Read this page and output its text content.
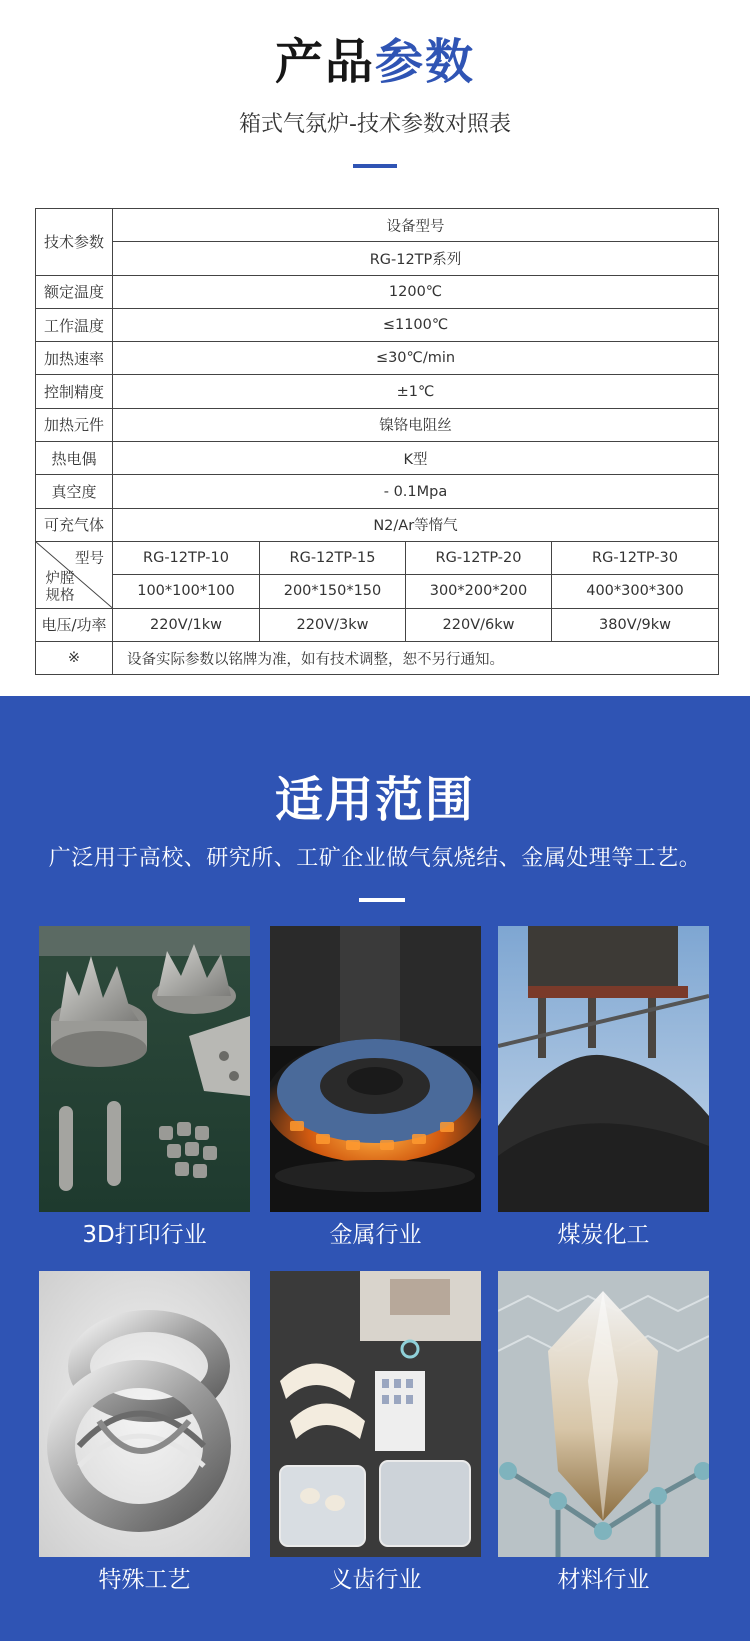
产品参数
箱式气氛炉-技术参数对照表
技术参数	设备型号			
	RG-12TP系列			
额定温度	1200℃			
工作温度	≤1100℃			
加热速率	≤30℃/min			
控制精度	±1℃			
加热元件	镍铬电阻丝			
热电偶	K型			
真空度	- 0.1Mpa			
可充气体	N2/Ar等惰气			

型号
炉膛规格	RG-12TP-10	RG-12TP-15	RG-12TP-20	RG-12TP-30
	100*100*100	200*150*150	300*200*200	400*300*300
电压/功率	220V/1kw	220V/3kw	220V/6kw	380V/9kw
※	设备实际参数以铭牌为准，如有技术调整，恕不另行通知。			
适用范围
广泛用于高校、研究所、工矿企业做气氛烧结、金属处理等工艺。
3D打印行业	金属行业	煤炭化工
特殊工艺	义齿行业	材料行业
